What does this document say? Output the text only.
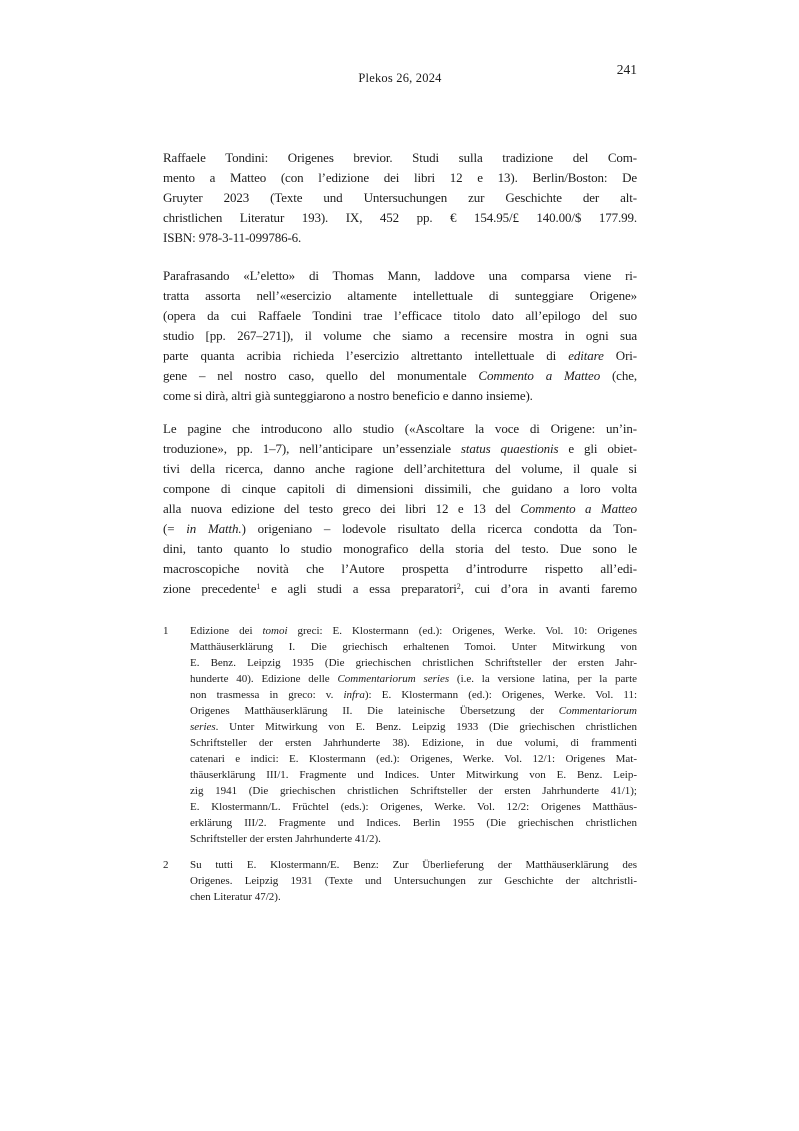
Plekos 26, 2024
241
Raffaele Tondini: Origenes brevior. Studi sulla tradizione del Com-
mento a Matteo (con l’edizione dei libri 12 e 13). Berlin/Boston: De
Gruyter 2023 (Texte und Untersuchungen zur Geschichte der alt-
christlichen Literatur 193). IX, 452 pp. € 154.95/£ 140.00/$ 177.99.
ISBN: 978-3-11-099786-6.
Parafrasando «L’eletto» di Thomas Mann, laddove una comparsa viene ri-
tratta assorta nell’«esercizio altamente intellettuale di sunteggiare Origene»
(opera da cui Raffaele Tondini trae l’efficace titolo dato all’epilogo del suo
studio [pp. 267–271]), il volume che siamo a recensire mostra in ogni sua
parte quanta acribia richieda l’esercizio altrettanto intellettuale di editare Ori-
gene – nel nostro caso, quello del monumentale Commento a Matteo (che,
come si dirà, altri già sunteggiarono a nostro beneficio e danno insieme).
Le pagine che introducono allo studio («Ascoltare la voce di Origene: un’in-
troduzione», pp. 1–7), nell’anticipare un’essenziale status quaestionis e gli obiet-
tivi della ricerca, danno anche ragione dell’architettura del volume, il quale si
compone di cinque capitoli di dimensioni dissimili, che guidano a loro volta
alla nuova edizione del testo greco dei libri 12 e 13 del Commento a Matteo
(= in Matth.) origeniano – lodevole risultato della ricerca condotta da Ton-
dini, tanto quanto lo studio monografico della storia del testo. Due sono le
macroscopiche novità che l’Autore prospetta d’introdurre rispetto all’edi-
zione precedente$^1$ e agli studi a essa preparatori$^2$, cui d’ora in avanti faremo
1	Edizione dei tomoi greci: E. Klostermann (ed.): Origenes, Werke. Vol. 10: Origenes
Matthäuserklärung I. Die griechisch erhaltenen Tomoi. Unter Mitwirkung von
E. Benz. Leipzig 1935 (Die griechischen christlichen Schriftsteller der ersten Jahr-
hunderte 40). Edizione delle Commentariorum series (i.e. la versione latina, per la parte
non trasmessa in greco: v. infra): E. Klostermann (ed.): Origenes, Werke. Vol. 11:
Origenes Matthäuserklärung II. Die lateinische Übersetzung der Commentariorum
series. Unter Mitwirkung von E. Benz. Leipzig 1933 (Die griechischen christlichen
Schriftsteller der ersten Jahrhunderte 38). Edizione, in due volumi, di frammenti
catenari e indici: E. Klostermann (ed.): Origenes, Werke. Vol. 12/1: Origenes Mat-
thäuserklärung III/1. Fragmente und Indices. Unter Mitwirkung von E. Benz. Leip-
zig 1941 (Die griechischen christlichen Schriftsteller der ersten Jahrhunderte 41/1);
E. Klostermann/L. Früchtel (eds.): Origenes, Werke. Vol. 12/2: Origenes Matthäus-
erklärung III/2. Fragmente und Indices. Berlin 1955 (Die griechischen christlichen
Schriftsteller der ersten Jahrhunderte 41/2).
2	Su tutti E. Klostermann/E. Benz: Zur Überlieferung der Matthäuserklärung des
Origenes. Leipzig 1931 (Texte und Untersuchungen zur Geschichte der altchristli-
chen Literatur 47/2).
